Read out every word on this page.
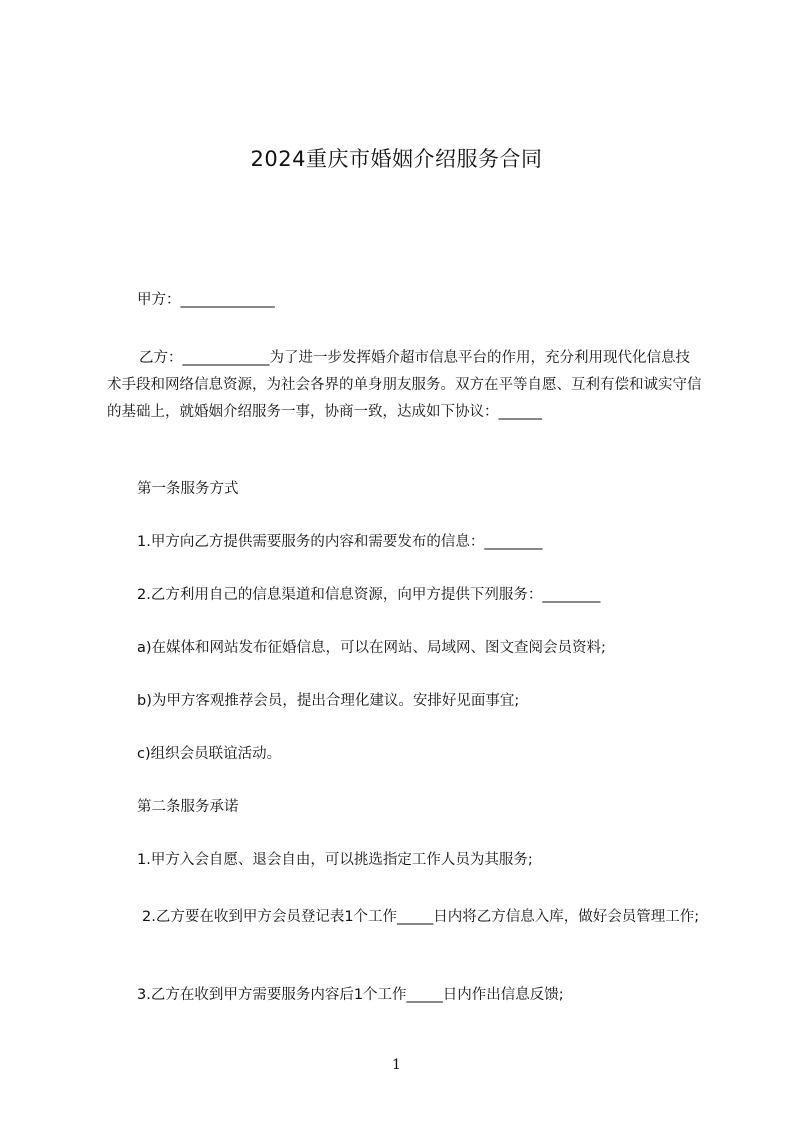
2024重庆市婚姻介绍服务合同
甲方：_____________
乙方：____________为了进一步发挥婚介超市信息平台的作用，充分利用现代化信息技术手段和网络信息资源，为社会各界的单身朋友服务。双方在平等自愿、互利有偿和诚实守信的基础上，就婚姻介绍服务一事，协商一致，达成如下协议：______
第一条服务方式
1.甲方向乙方提供需要服务的内容和需要发布的信息：________
2.乙方利用自己的信息渠道和信息资源，向甲方提供下列服务：________
a)在媒体和网站发布征婚信息，可以在网站、局域网、图文查阅会员资料;
b)为甲方客观推荐会员，提出合理化建议。安排好见面事宜;
c)组织会员联谊活动。
第二条服务承诺
1.甲方入会自愿、退会自由，可以挑选指定工作人员为其服务;
2.乙方要在收到甲方会员登记表1个工作_____日内将乙方信息入库，做好会员管理工作;
3.乙方在收到甲方需要服务内容后1个工作_____日内作出信息反馈;
1
